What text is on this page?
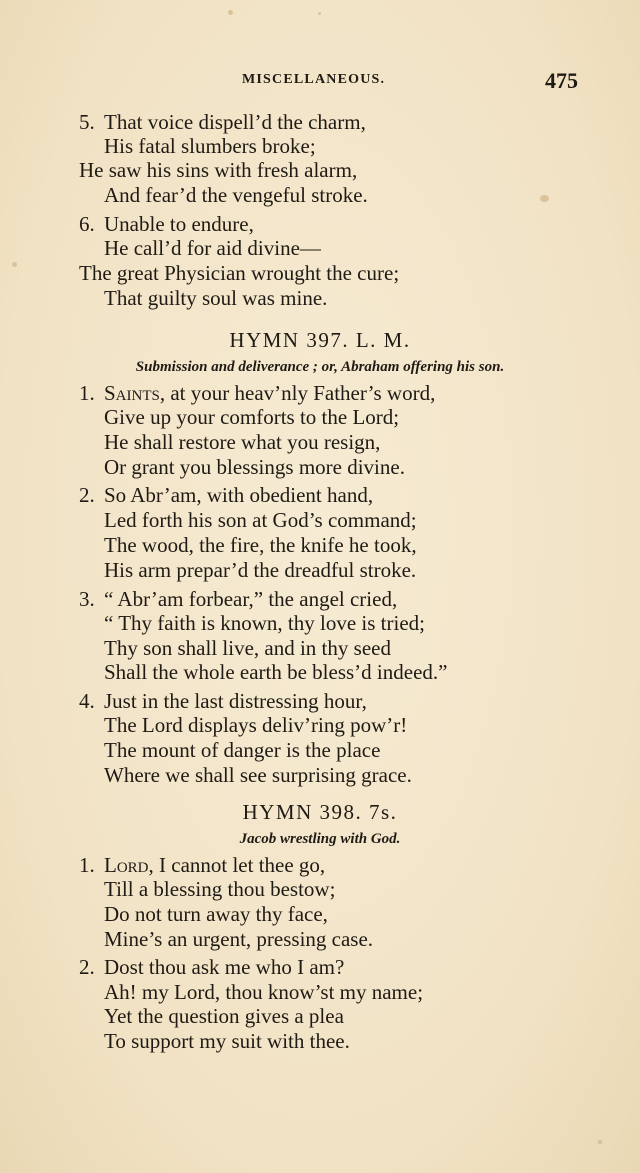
MISCELLANEOUS.	475
5. That voice dispell’d the charm,
His fatal slumbers broke;
He saw his sins with fresh alarm,
And fear’d the vengeful stroke.
6. Unable to endure,
He call’d for aid divine—
The great Physician wrought the cure;
That guilty soul was mine.
HYMN 397. L. M.
Submission and deliverance ; or, Abraham offering his son.
1. Saints, at your heav’nly Father’s word,
Give up your comforts to the Lord;
He shall restore what you resign,
Or grant you blessings more divine.
2. So Abr’am, with obedient hand,
Led forth his son at God’s command;
The wood, the fire, the knife he took,
His arm prepar’d the dreadful stroke.
3. “ Abr’am forbear,” the angel cried,
“ Thy faith is known, thy love is tried;
Thy son shall live, and in thy seed
Shall the whole earth be bless’d indeed.”
4. Just in the last distressing hour,
The Lord displays deliv’ring pow’r!
The mount of danger is the place
Where we shall see surprising grace.
HYMN 398. 7s.
Jacob wrestling with God.
1. Lord, I cannot let thee go,
Till a blessing thou bestow;
Do not turn away thy face,
Mine’s an urgent, pressing case.
2. Dost thou ask me who I am?
Ah! my Lord, thou know’st my name;
Yet the question gives a plea
To support my suit with thee.
